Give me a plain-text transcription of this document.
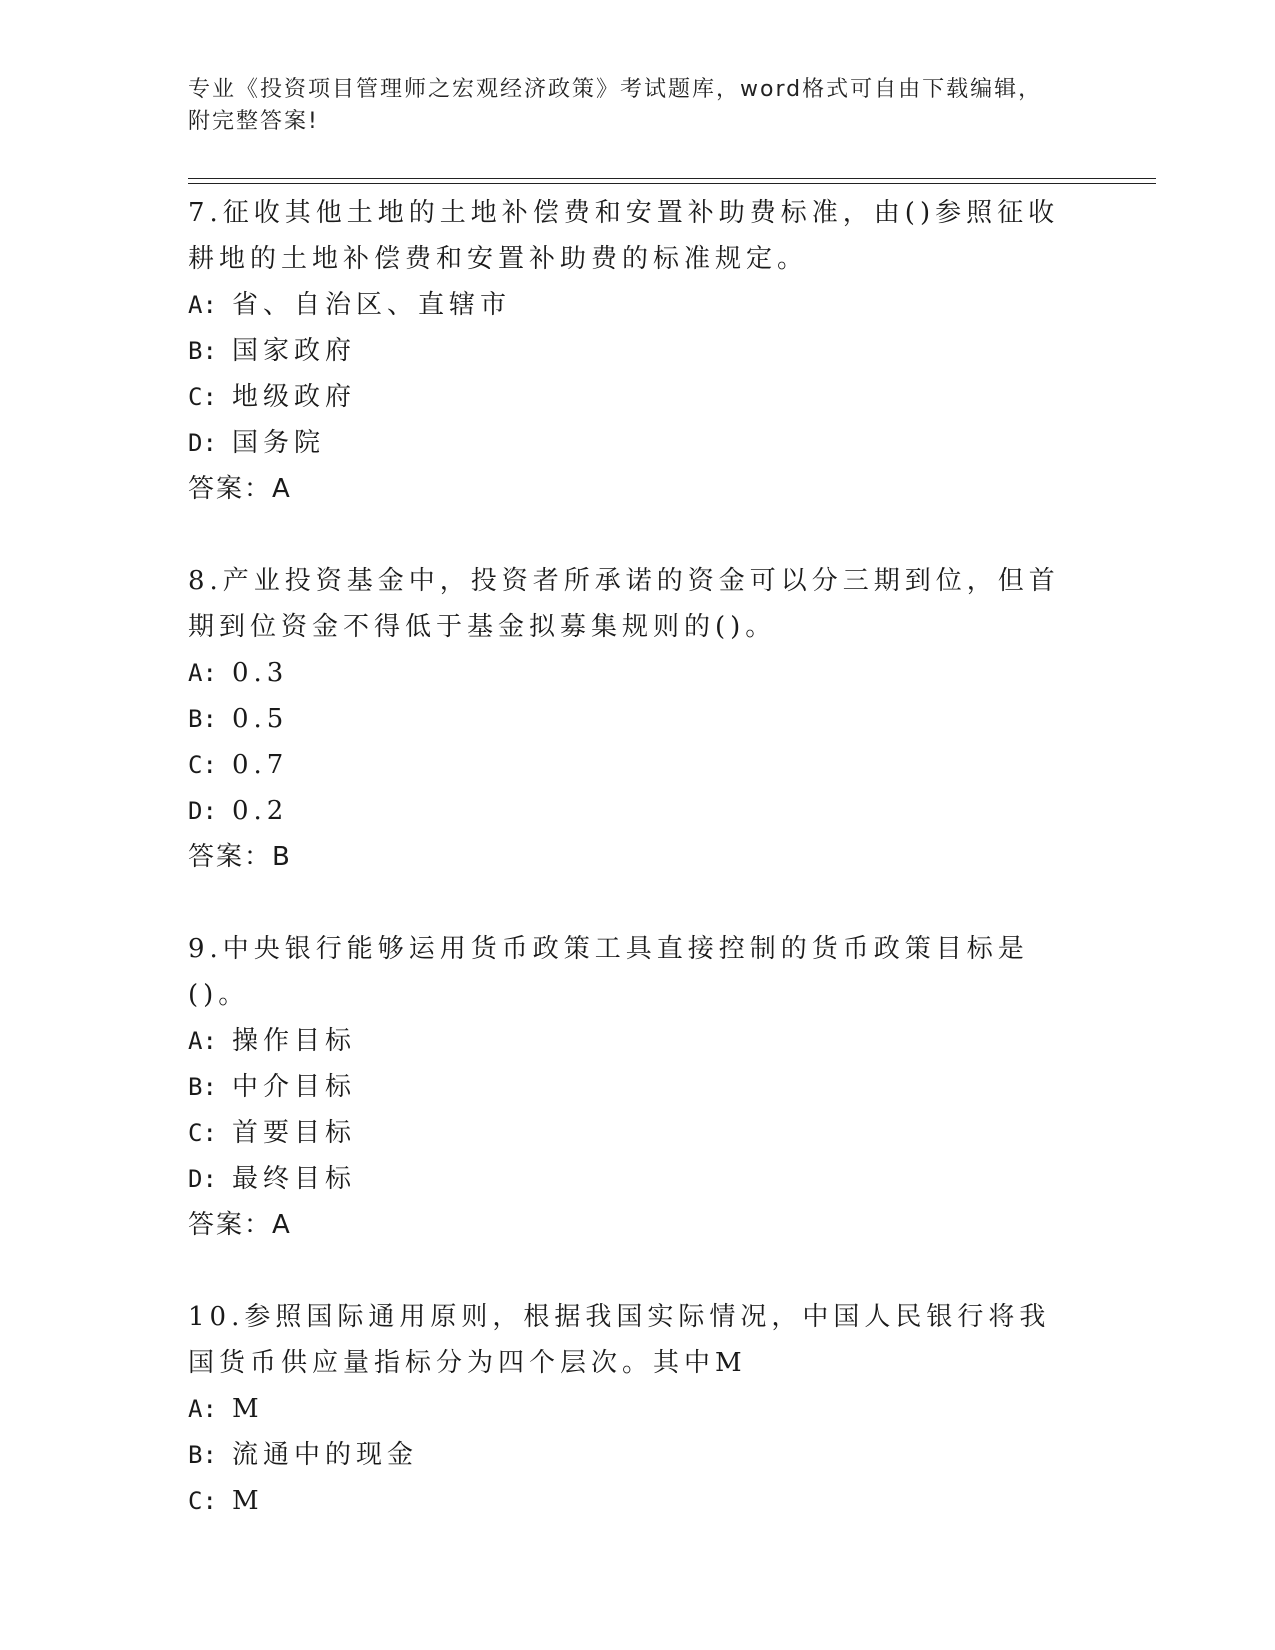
专业《投资项目管理师之宏观经济政策》考试题库，word格式可自由下载编辑，
附完整答案!
7.征收其他土地的土地补偿费和安置补助费标准，由()参照征收耕地的土地补偿费和安置补助费的标准规定。
A: 省、自治区、直辖市
B: 国家政府
C: 地级政府
D: 国务院
答案：A
8.产业投资基金中，投资者所承诺的资金可以分三期到位，但首期到位资金不得低于基金拟募集规则的()。
A: 0.3
B: 0.5
C: 0.7
D: 0.2
答案：B
9.中央银行能够运用货币政策工具直接控制的货币政策目标是()。
A: 操作目标
B: 中介目标
C: 首要目标
D: 最终目标
答案：A
10.参照国际通用原则，根据我国实际情况，中国人民银行将我国货币供应量指标分为四个层次。其中M
A: M
B: 流通中的现金
C: M
